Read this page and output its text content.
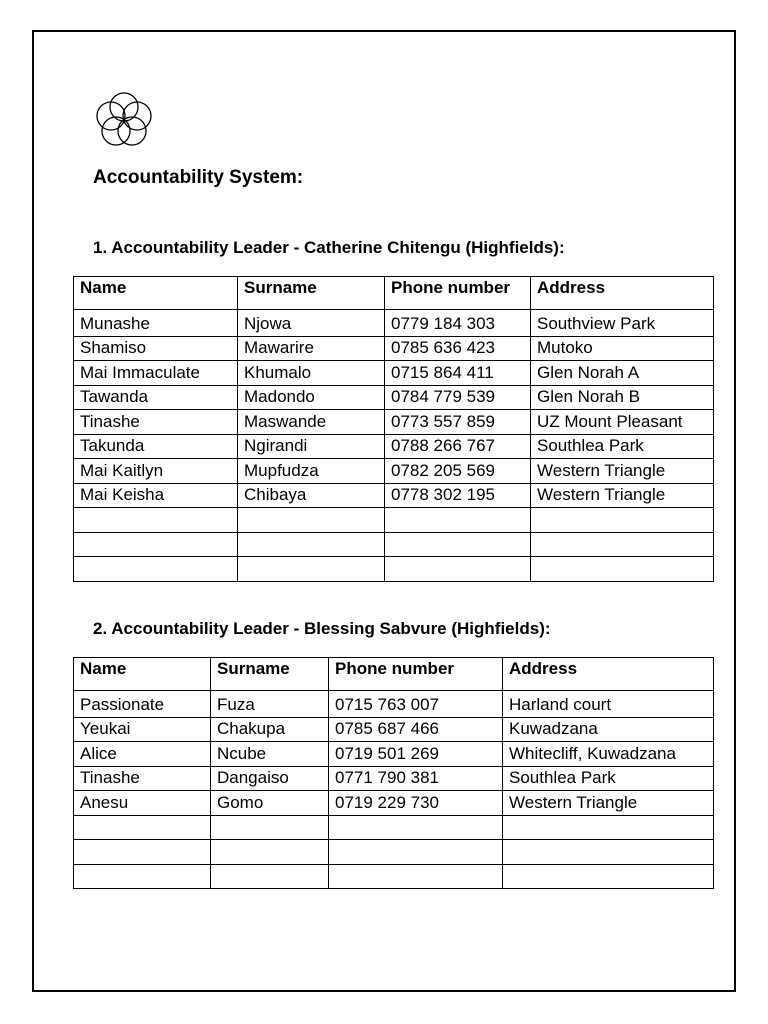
Accountability System:
1. Accountability Leader - Catherine Chitengu (Highfields):
Name	Surname	Phone number	Address
Munashe	Njowa	0779 184 303	Southview Park
Shamiso	Mawarire	0785 636 423	Mutoko
Mai Immaculate	Khumalo	0715 864 411	Glen Norah A
Tawanda	Madondo	0784 779 539	Glen Norah B
Tinashe	Maswande	0773 557 859	UZ Mount Pleasant
Takunda	Ngirandi	0788 266 767	Southlea Park
Mai Kaitlyn	Mupfudza	0782 205 569	Western Triangle
Mai Keisha	Chibaya	0778 302 195	Western Triangle

2. Accountability Leader - Blessing Sabvure (Highfields):
Name	Surname	Phone number	Address
Passionate	Fuza	0715 763 007	Harland court
Yeukai	Chakupa	0785 687 466	Kuwadzana
Alice	Ncube	0719 501 269	Whitecliff, Kuwadzana
Tinashe	Dangaiso	0771 790 381	Southlea Park
Anesu	Gomo	0719 229 730	Western Triangle
